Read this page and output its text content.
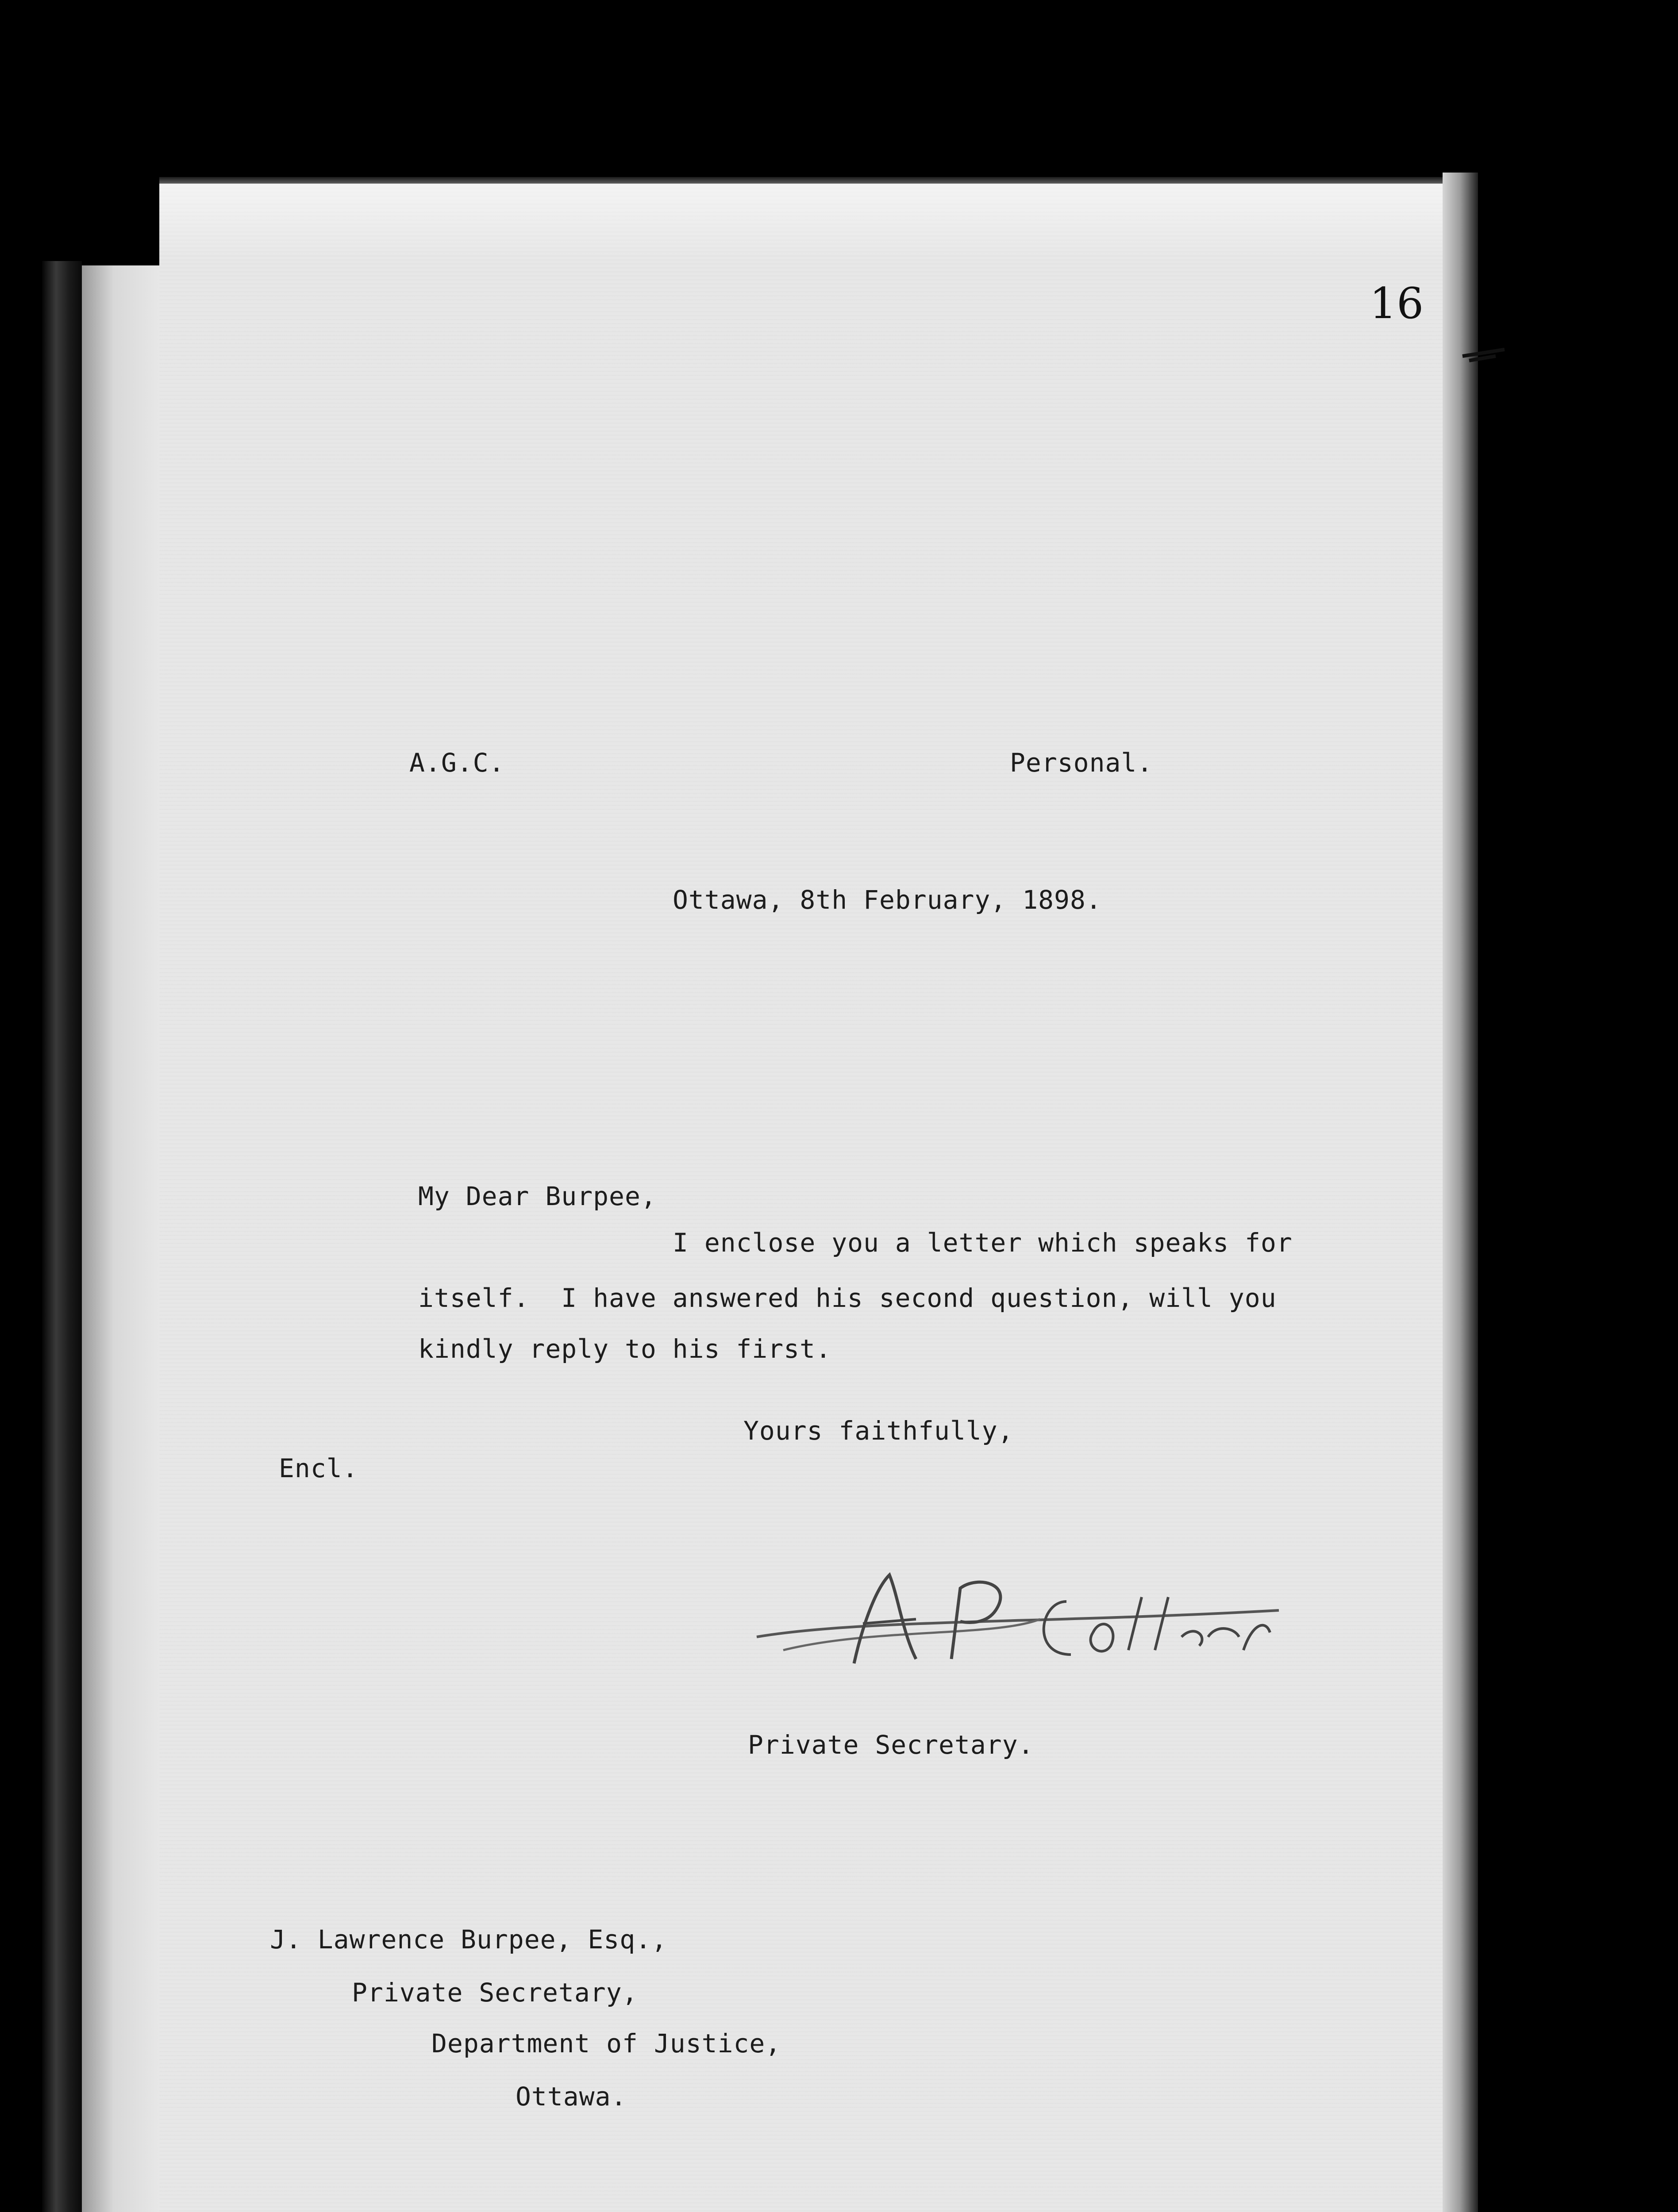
16
A.G.C.	Personal.
Ottawa, 8th February, 1898.
My Dear Burpee,
I enclose you a letter which speaks for
itself.  I have answered his second question, will you
kindly reply to his first.
Yours faithfully,
Encl.
Private Secretary.
J. Lawrence Burpee, Esq.,
Private Secretary,
Department of Justice,
Ottawa.
